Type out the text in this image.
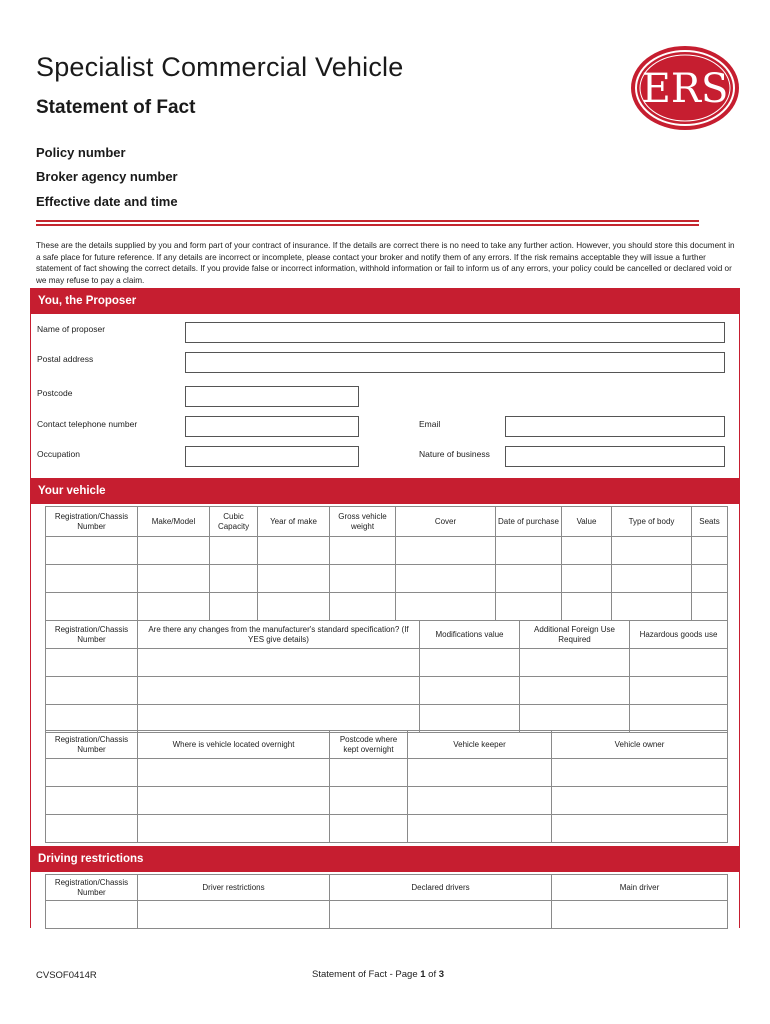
Specialist Commercial Vehicle
Statement of Fact
Policy number
Broker agency number
Effective date and time
ERS
These are the details supplied by you and form part of your contract of insurance. If the details are correct there is no need to take any further action. However, you should store this document in a safe place for future reference. If any details are incorrect or incomplete, please contact your broker and notify them of any errors. If the risk remains acceptable they will issue a further statement of fact showing the correct details. If you provide false or incorrect information, withhold information or fail to inform us of any errors, your policy could be cancelled or declared void or we may refuse to pay a claim.
You, the Proposer
Name of proposer
Postal address
Postcode
Contact telephone number	Email
Occupation	Nature of business
Your vehicle
Registration/Chassis Number	Make/Model	Cubic Capacity	Year of make	Gross vehicle weight	Cover	Date of purchase	Value	Type of body	Seats

Registration/Chassis Number	Are there any changes from the manufacturer's standard specification? (If YES give details)	Modifications value	Additional Foreign Use Required	Hazardous goods use

Registration/Chassis Number	Where is vehicle located overnight	Postcode where kept overnight	Vehicle keeper	Vehicle owner

Driving restrictions
Registration/Chassis Number	Driver restrictions	Declared drivers	Main driver

CVSOF0414R	Statement of Fact - Page 1 of 3
